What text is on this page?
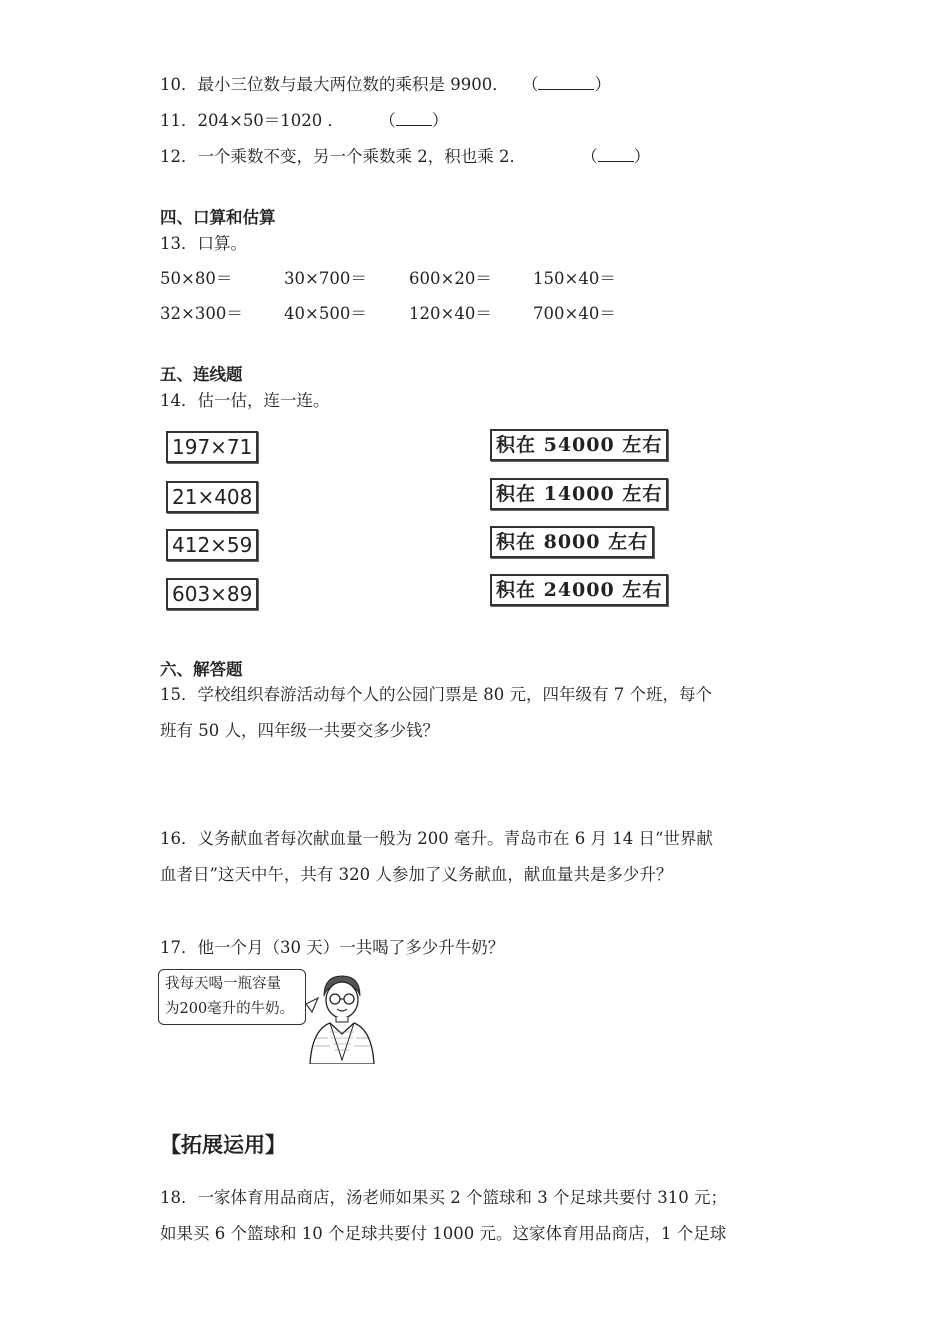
10．最小三位数与最大两位数的乘积是 9900． （	）
11．204×50＝1020 ． （ ）
12．一个乘数不变，另一个乘数乘 2，积也乘 2．	（ ）
四、口算和估算
13．口算。
50×80＝	30×700＝	600×20＝ 150×40＝
32×300＝ 40×500＝	120×40＝ 700×40＝
五、连线题
14．估一估，连一连。
197×71
21×408
412×59
603×89
积在 54000 左右
积在 14000 左右
积在 8000 左右
积在 24000 左右
六、解答题
15．学校组织春游活动每个人的公园门票是 80 元，四年级有 7 个班，每个
班有 50 人，四年级一共要交多少钱？
16．义务献血者每次献血量一般为 200 毫升。青岛市在 6 月 14 日“世界献
血者日”这天中午，共有 320 人参加了义务献血，献血量共是多少升？
17．他一个月（30 天）一共喝了多少升牛奶？
我每天喝一瓶容量
为200毫升的牛奶。
【拓展运用】
18．一家体育用品商店，汤老师如果买 2 个篮球和 3 个足球共要付 310 元；
如果买 6 个篮球和 10 个足球共要付 1000 元。这家体育用品商店，1 个足球
